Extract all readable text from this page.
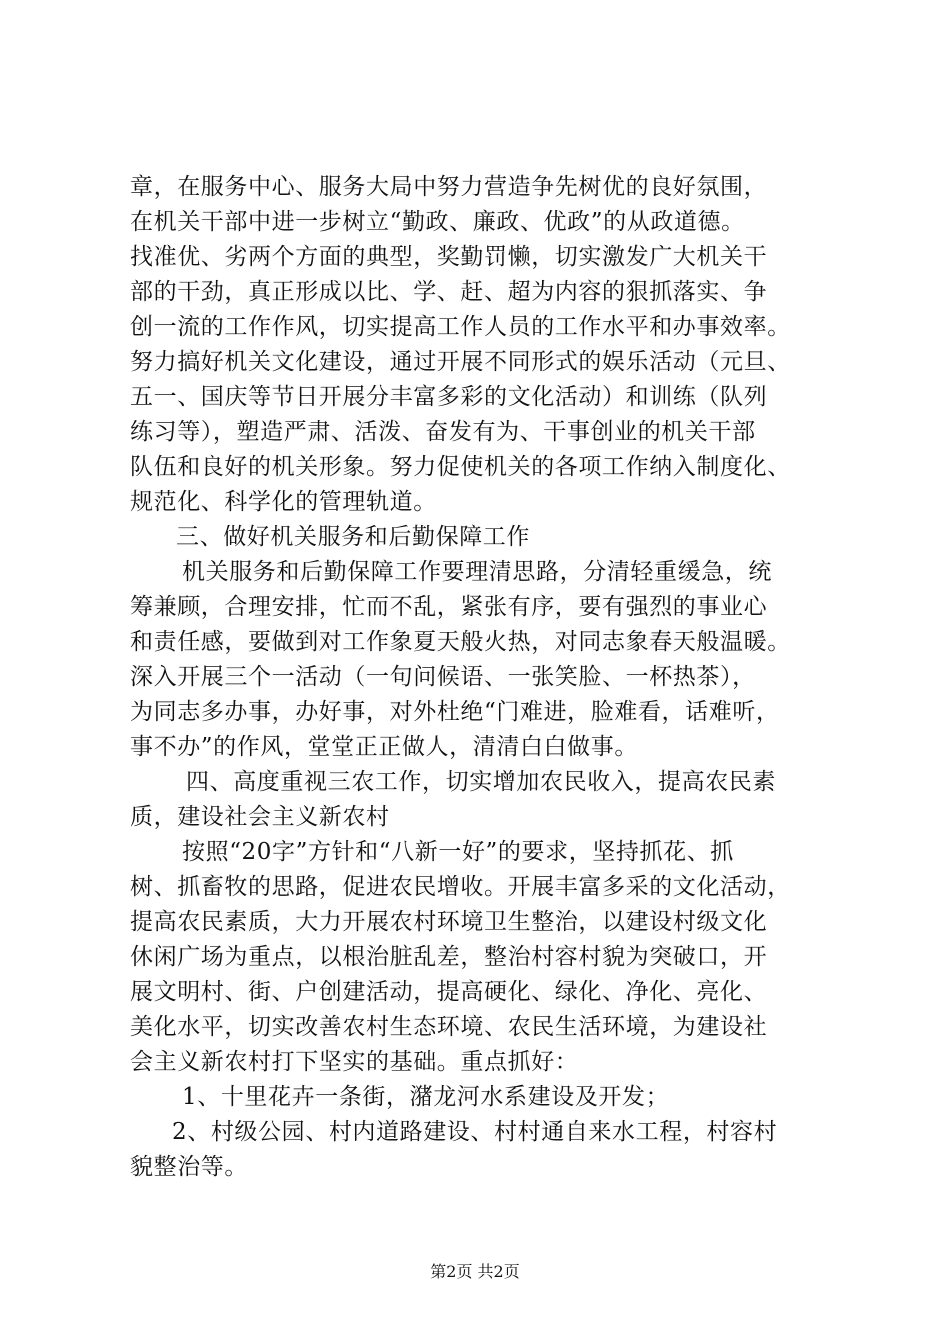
章，在服务中心、服务大局中努力营造争先树优的良好氛围，
在机关干部中进一步树立“勤政、廉政、优政”的从政道德。
找准优、劣两个方面的典型，奖勤罚懒，切实激发广大机关干
部的干劲，真正形成以比、学、赶、超为内容的狠抓落实、争
创一流的工作作风，切实提高工作人员的工作水平和办事效率。
努力搞好机关文化建设，通过开展不同形式的娱乐活动（元旦、
五一、国庆等节日开展分丰富多彩的文化活动）和训练（队列
练习等），塑造严肃、活泼、奋发有为、干事创业的机关干部
队伍和良好的机关形象。努力促使机关的各项工作纳入制度化、
规范化、科学化的管理轨道。
三、做好机关服务和后勤保障工作
机关服务和后勤保障工作要理清思路，分清轻重缓急，统
筹兼顾，合理安排，忙而不乱，紧张有序，要有强烈的事业心
和责任感，要做到对工作象夏天般火热，对同志象春天般温暖。
深入开展三个一活动（一句问候语、一张笑脸、一杯热茶），
为同志多办事，办好事，对外杜绝“门难进，脸难看，话难听，
事不办”的作风，堂堂正正做人，清清白白做事。
四、高度重视三农工作，切实增加农民收入，提高农民素
质，建设社会主义新农村
按照“20字”方针和“八新一好”的要求，坚持抓花、抓
树、抓畜牧的思路，促进农民增收。开展丰富多采的文化活动，
提高农民素质，大力开展农村环境卫生整治，以建设村级文化
休闲广场为重点，以根治脏乱差，整治村容村貌为突破口，开
展文明村、街、户创建活动，提高硬化、绿化、净化、亮化、
美化水平，切实改善农村生态环境、农民生活环境，为建设社
会主义新农村打下坚实的基础。重点抓好：
1、十里花卉一条街，潴龙河水系建设及开发；
2、村级公园、村内道路建设、村村通自来水工程，村容村
貌整治等。
第2页 共2页
